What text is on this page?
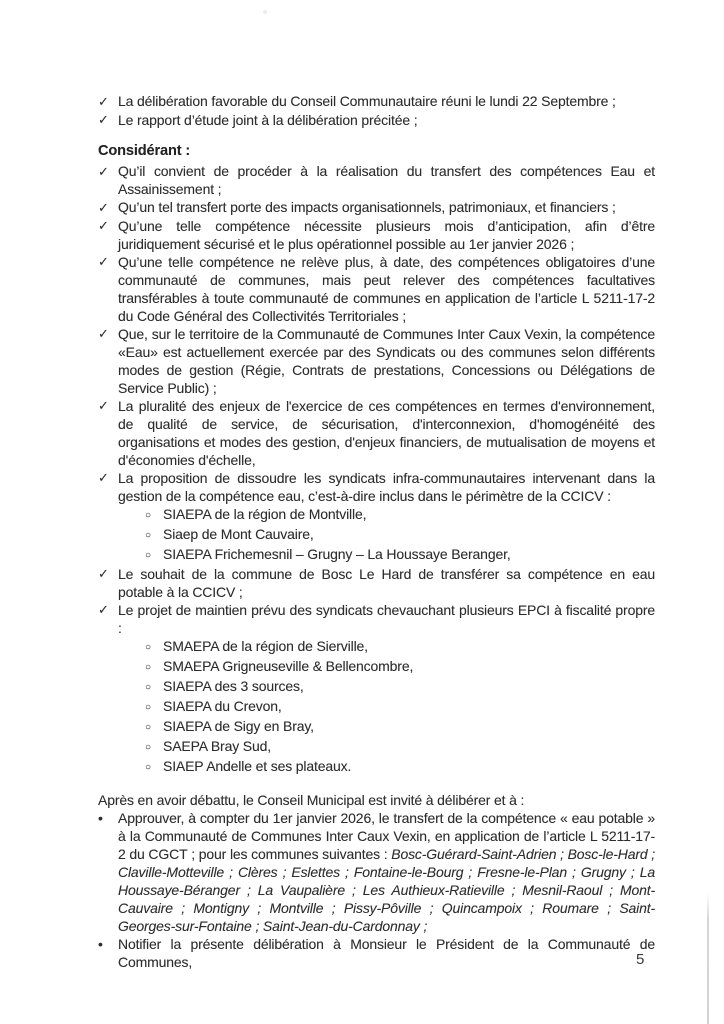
✓ La délibération favorable du Conseil Communautaire réuni le lundi 22 Septembre ;
✓ Le rapport d’étude joint à la délibération précitée ;
Considérant :
✓ Qu’il convient de procéder à la réalisation du transfert des compétences Eau et Assainissement ;
✓ Qu’un tel transfert porte des impacts organisationnels, patrimoniaux, et financiers ;
✓ Qu’une telle compétence nécessite plusieurs mois d’anticipation, afin d’être juridiquement sécurisé et le plus opérationnel possible au 1er janvier 2026 ;
✓ Qu’une telle compétence ne relève plus, à date, des compétences obligatoires d’une communauté de communes, mais peut relever des compétences facultatives transférables à toute communauté de communes en application de l’article L 5211-17-2 du Code Général des Collectivités Territoriales ;
✓ Que, sur le territoire de la Communauté de Communes Inter Caux Vexin, la compétence «Eau» est actuellement exercée par des Syndicats ou des communes selon différents modes de gestion (Régie, Contrats de prestations, Concessions ou Délégations de Service Public) ;
✓ La pluralité des enjeux de l'exercice de ces compétences en termes d'environnement, de qualité de service, de sécurisation, d'interconnexion, d'homogénéité des organisations et modes des gestion, d'enjeux financiers, de mutualisation de moyens et d'économies d'échelle,
✓ La proposition de dissoudre les syndicats infra-communautaires intervenant dans la gestion de la compétence eau, c’est-à-dire inclus dans le périmètre de la CCICV :
○ SIAEPA de la région de Montville,
○ Siaep de Mont Cauvaire,
○ SIAEPA Frichemesnil – Grugny – La Houssaye Beranger,
✓ Le souhait de la commune de Bosc Le Hard de transférer sa compétence en eau potable à la CCICV ;
✓ Le projet de maintien prévu des syndicats chevauchant plusieurs EPCI à fiscalité propre :
○ SMAEPA de la région de Sierville,
○ SMAEPA Grigneuseville & Bellencombre,
○ SIAEPA des 3 sources,
○ SIAEPA du Crevon,
○ SIAEPA de Sigy en Bray,
○ SAEPA Bray Sud,
○ SIAEP Andelle et ses plateaux.
Après en avoir débattu, le Conseil Municipal est invité à délibérer et à :
•	Approuver, à compter du 1er janvier 2026, le transfert de la compétence « eau potable » à la Communauté de Communes Inter Caux Vexin, en application de l’article L 5211-17-2 du CGCT ; pour les communes suivantes : Bosc-Guérard-Saint-Adrien ; Bosc-le-Hard ; Claville-Motteville ; Clères ; Eslettes ; Fontaine-le-Bourg ; Fresne-le-Plan ; Grugny ; La Houssaye-Béranger ; La Vaupalière ; Les Authieux-Ratieville ; Mesnil-Raoul ; Mont-Cauvaire ; Montigny ; Montville ; Pissy-Pôville ; Quincampoix ; Roumare ; Saint-Georges-sur-Fontaine ; Saint-Jean-du-Cardonnay ;
•	Notifier la présente délibération à Monsieur le Président de la Communauté de Communes,	5
